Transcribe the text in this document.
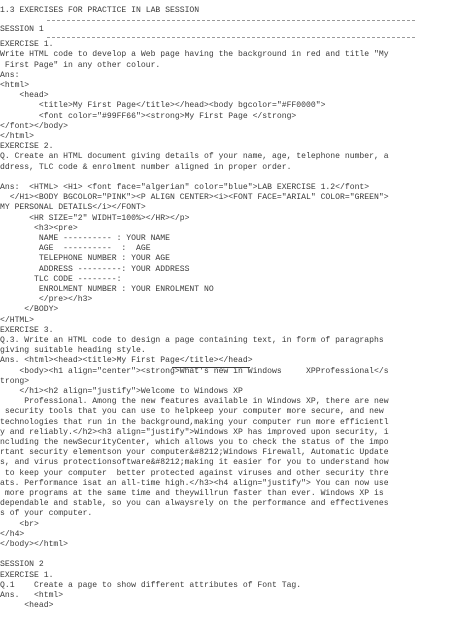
1.3 EXERCISES FOR PRACTICE IN LAB SESSION
SESSION 1
EXERCISE 1.
Write HTML code to develop a Web page having the background in red and title "My
First Page" in any other colour.
Ans:
<html>
<head>
<title>My First Page</title></head><body bgcolor="#FF0000">
<font color="#99FF66"><strong>My First Page </strong>
</font></body>
</html>
EXERCISE 2.
Q. Create an HTML document giving details of your name, age, telephone number, a
ddress, TLC code & enrolment number aligned in proper order.
Ans:  <HTML> <H1> <font face="algerian" color="blue">LAB EXERCISE 1.2</font>
</H1><BODY BGCOLOR="PINK"><P ALIGN CENTER><i><FONT FACE="ARIAL" COLOR="GREEN">
MY PERSONAL DETAILS</i></FONT>
<HR SIZE="2" WIDHT=100%></HR></p>
<h3><pre>
NAME ---------- : YOUR NAME
AGE  ----------  :  AGE
TELEPHONE NUMBER : YOUR AGE
ADDRESS ---------: YOUR ADDRESS
TLC CODE --------:
ENROLMENT NUMBER : YOUR ENROLMENT NO
</pre></h3>
</BODY>
</HTML>
EXERCISE 3.
Q.3. Write an HTML code to design a page containing text, in form of paragraphs
giving suitable heading style.
Ans. <html><head><title>My First Page</title></head>
<body><h1 align="center"><strong>What's new in Windows     XPProfessional</s
trong>
</h1><h2 align="justify">Welcome to Windows XP
Professional. Among the new features available in Windows XP, there are new
security tools that you can use to helpkeep your computer more secure, and new
technologies that run in the background,making your computer run more efficientl
y and reliably.</h2><h3 align="justify">Windows XP has improved upon security, i
ncluding the newSecurityCenter, which allows you to check the status of the impo
rtant security elementson your computer&#8212;Windows Firewall, Automatic Update
s, and virus protectionsoftware&#8212;making it easier for you to understand how
to keep your computer  better protected against viruses and other security thre
ats. Performance isat an all-time high.</h3><h4 align="justify"> You can now use
more programs at the same time and theywillrun faster than ever. Windows XP is
dependable and stable, so you can alwaysrely on the performance and effectivenes
s of your computer.
<br>
</h4>
</body></html>
SESSION 2
EXERCISE 1.
Q.1    Create a page to show different attributes of Font Tag.
Ans.   <html>
<head>
